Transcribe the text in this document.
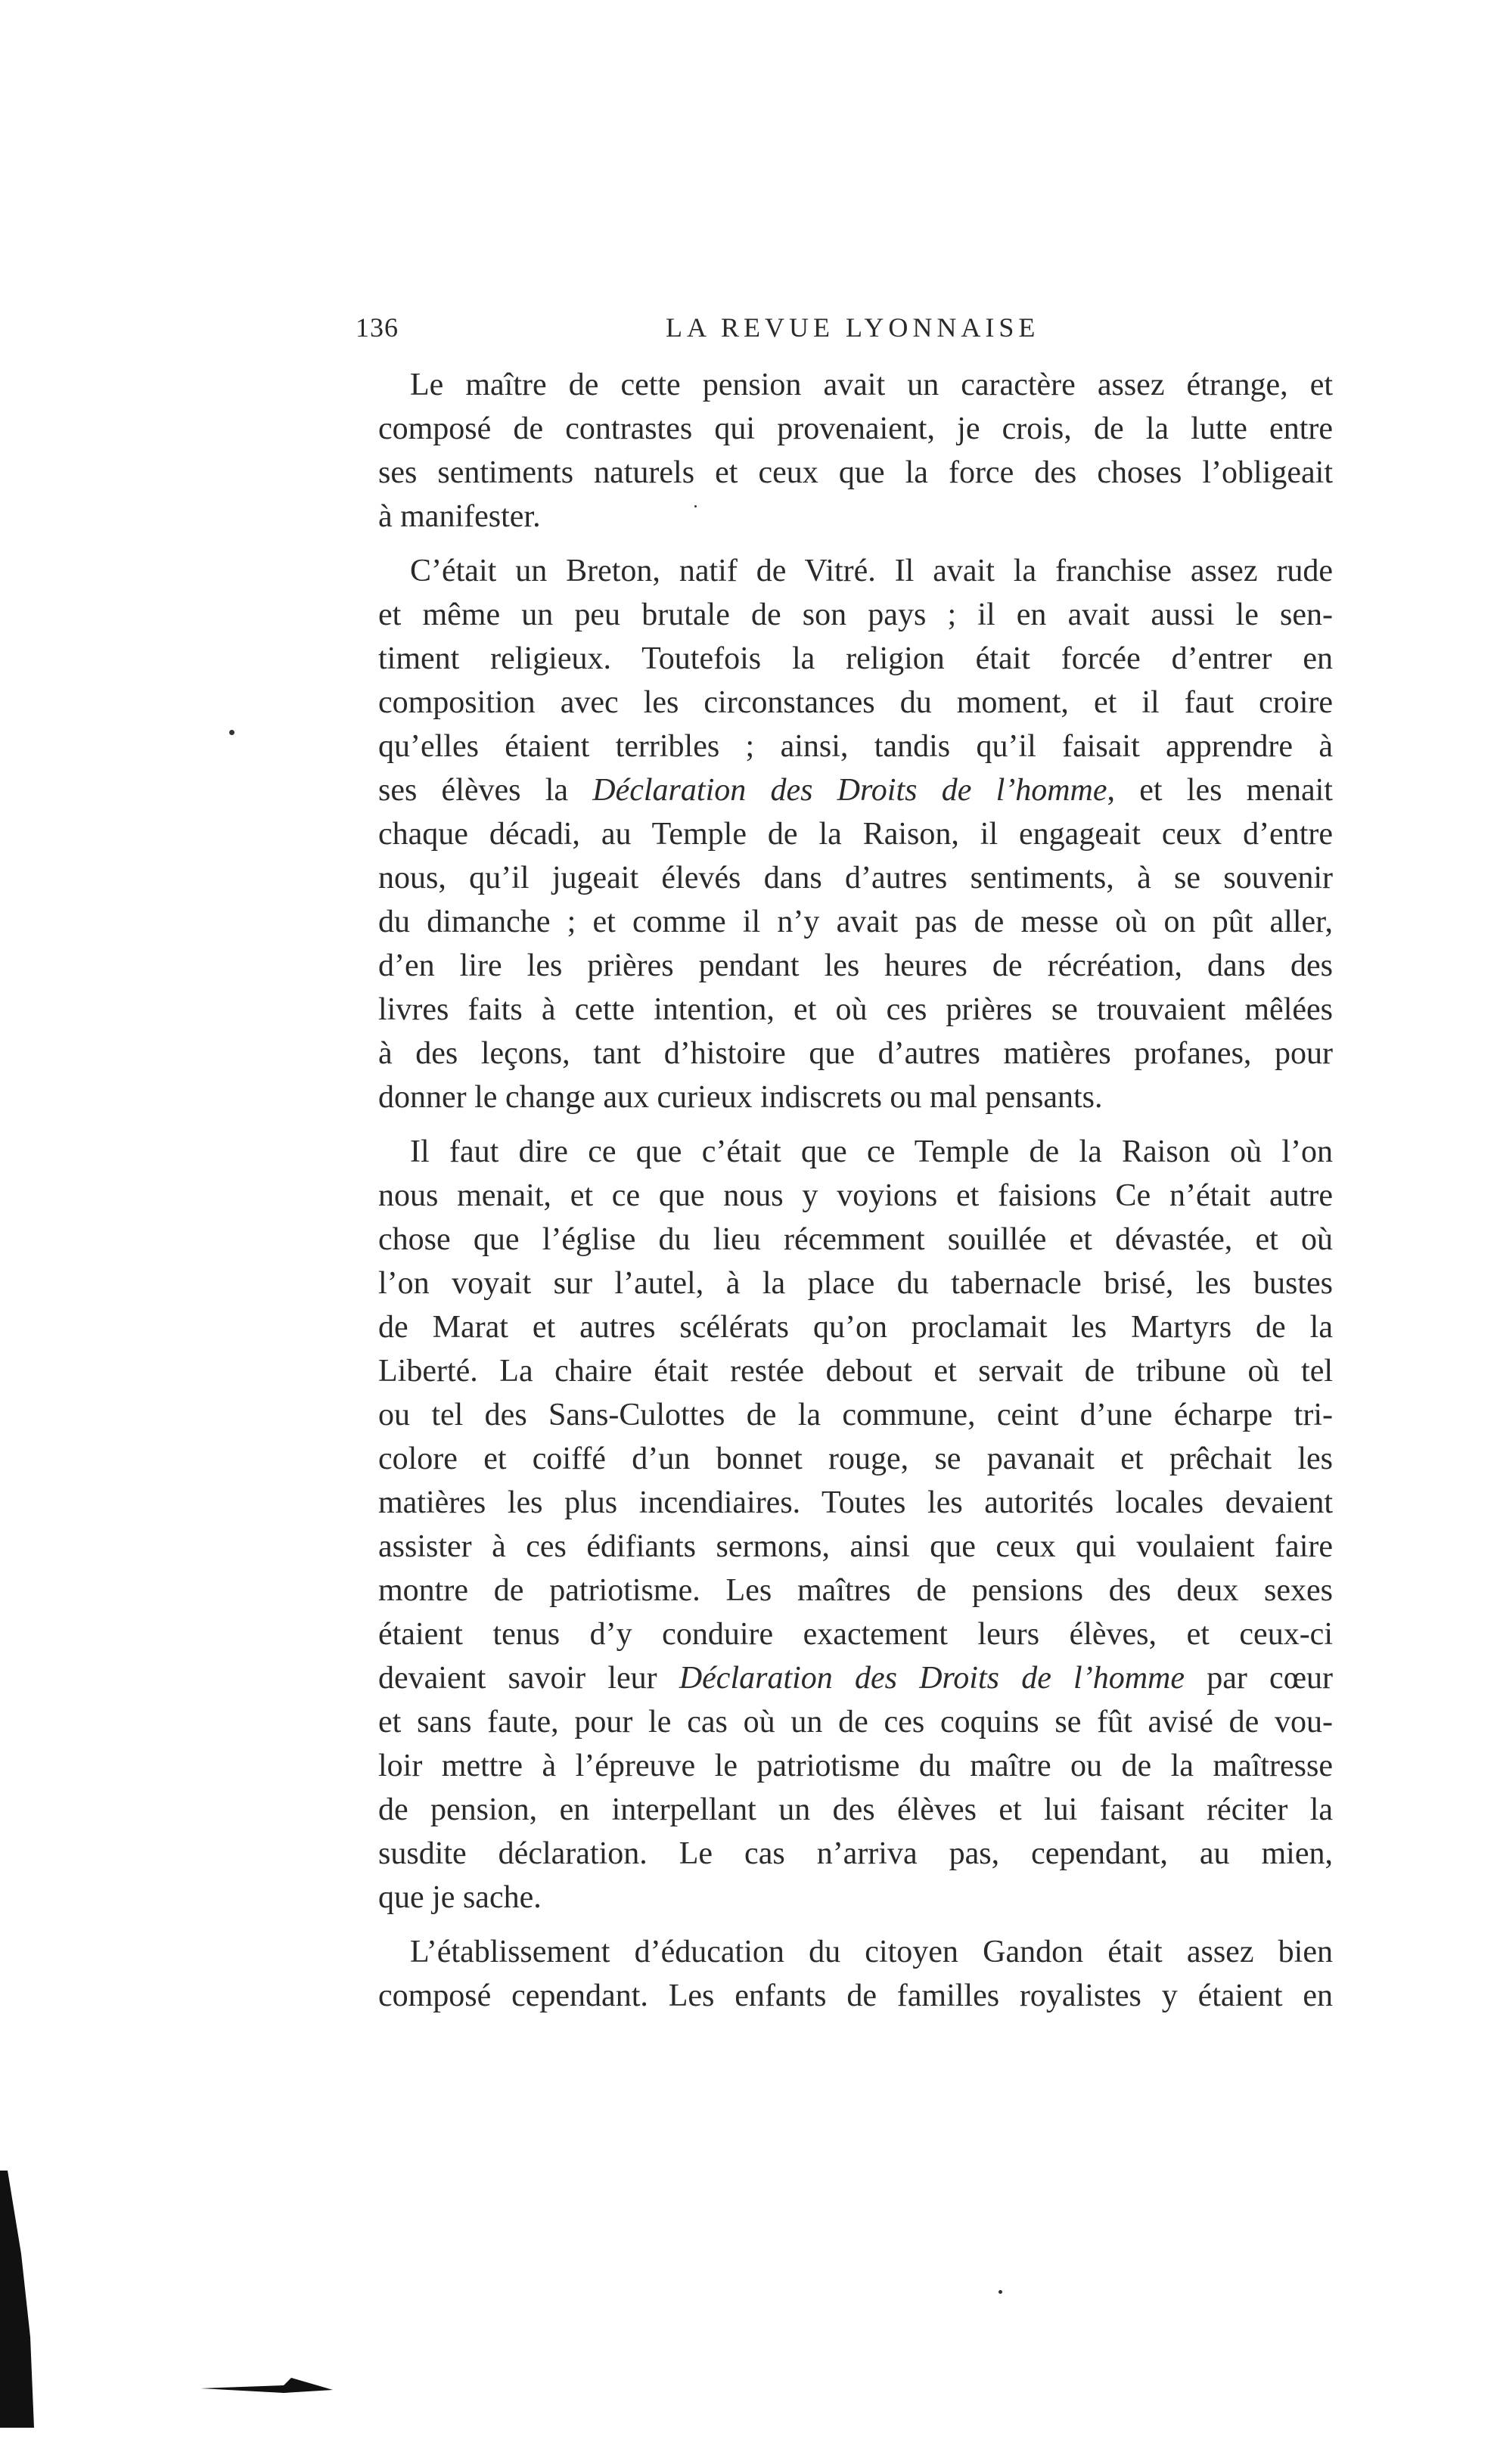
136	LA REVUE LYONNAISE
Le maître de cette pension avait un caractère assez étrange, et
composé de contrastes qui provenaient, je crois, de la lutte entre
ses sentiments naturels et ceux que la force des choses l’obligeait
à manifester.
C’était un Breton, natif de Vitré. Il avait la franchise assez rude
et même un peu brutale de son pays ; il en avait aussi le sen-
timent religieux. Toutefois la religion était forcée d’entrer en
composition avec les circonstances du moment, et il faut croire
qu’elles étaient terribles ; ainsi, tandis qu’il faisait apprendre à
ses élèves la Déclaration des Droits de l’homme, et les menait
chaque décadi, au Temple de la Raison, il engageait ceux d’entre
nous, qu’il jugeait élevés dans d’autres sentiments, à se souvenir
du dimanche ; et comme il n’y avait pas de messe où on pût aller,
d’en lire les prières pendant les heures de récréation, dans des
livres faits à cette intention, et où ces prières se trouvaient mêlées
à des leçons, tant d’histoire que d’autres matières profanes, pour
donner le change aux curieux indiscrets ou mal pensants.
Il faut dire ce que c’était que ce Temple de la Raison où l’on
nous menait, et ce que nous y voyions et faisions Ce n’était autre
chose que l’église du lieu récemment souillée et dévastée, et où
l’on voyait sur l’autel, à la place du tabernacle brisé, les bustes
de Marat et autres scélérats qu’on proclamait les Martyrs de la
Liberté. La chaire était restée debout et servait de tribune où tel
ou tel des Sans-Culottes de la commune, ceint d’une écharpe tri-
colore et coiffé d’un bonnet rouge, se pavanait et prêchait les
matières les plus incendiaires. Toutes les autorités locales devaient
assister à ces édifiants sermons, ainsi que ceux qui voulaient faire
montre de patriotisme. Les maîtres de pensions des deux sexes
étaient tenus d’y conduire exactement leurs élèves, et ceux-ci
devaient savoir leur Déclaration des Droits de l’homme par cœur
et sans faute, pour le cas où un de ces coquins se fût avisé de vou-
loir mettre à l’épreuve le patriotisme du maître ou de la maîtresse
de pension, en interpellant un des élèves et lui faisant réciter la
susdite déclaration. Le cas n’arriva pas, cependant, au mien,
que je sache.
L’établissement d’éducation du citoyen Gandon était assez bien
composé cependant. Les enfants de familles royalistes y étaient en
